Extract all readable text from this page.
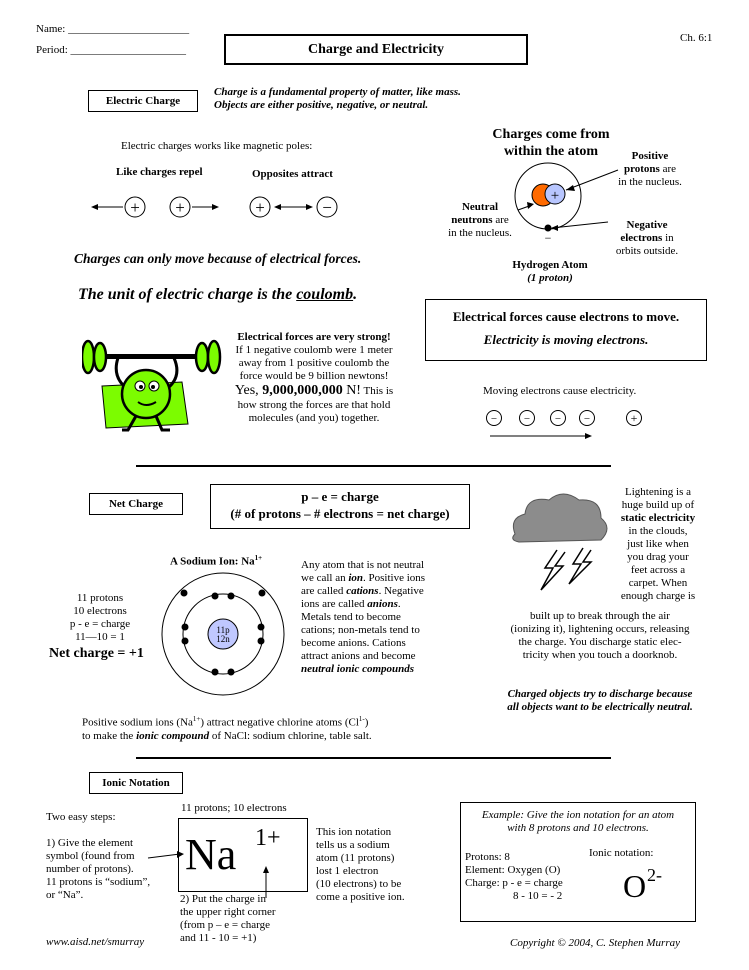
Name: ______________________
Period: _____________________	Charge and Electricity
Ch. 6:1
Electric Charge
Charge is a fundamental property of matter, like mass.
Objects are either positive, negative, or neutral.
Electric charges works like magnetic poles:
Like charges repel	Opposites attract
+ +	+	−
Charges can only move because of electrical forces.
The unit of electric charge is the coulomb.
Charges come from
within the atom	Positive
protons are
in the nucleus.
Neutral
neutrons are
in the nucleus.
Negative
electrons in
orbits outside.
+
−
Hydrogen Atom
(1 proton)
Electrical forces are very strong!
If 1 negative coulomb were 1 meter
away from 1 positive coulomb the
force would be 9 billion newtons!
Yes, 9,000,000,000 N! This is
how strong the forces are that hold
molecules (and you) together.
Electrical forces cause electrons to move.
Electricity is moving electrons.
Moving electrons cause electricity.
− − − −	+
Net Charge	p – e = charge
(# of protons – # electrons = net charge)
A Sodium Ion: $Na^{1+}$
11 protons
10 electrons
p - e = charge
11—10 = 1
Net charge = +1
11p
12n
Any atom that is not neutral
we call an ion. Positive ions
are called cations. Negative
ions are called anions.
Metals tend to become
cations; non-metals tend to
become anions. Cations
attract anions and become
neutral ionic compounds
Positive sodium ions $(Na^{1+})$ attract negative chlorine atoms $(Cl^{1-})$
to make the ionic compound of NaCl: sodium chlorine, table salt.
Lightening is a
huge build up of
static electricity
in the clouds,
just like when
you drag your
feet across a
carpet. When
enough charge is
built up to break through the air
(ionizing it), lightening occurs, releasing
the charge. You discharge static elec-
tricity when you touch a doorknob.
Charged objects try to discharge because
all objects want to be electrically neutral.
Ionic Notation
Two easy steps:
1) Give the element
symbol (found from
number of protons).
11 protons is “sodium”,
or “Na”.
11 protons; 10 electrons
Na 1+
2) Put the charge in
the upper right corner
(from p – e = charge
and 11 - 10 = +1)
This ion notation
tells us a sodium
atom (11 protons)
lost 1 electron
(10 electrons) to be
come a positive ion.
Example: Give the ion notation for an atom
with 8 protons and 10 electrons.
Protons: 8
Element: Oxygen (O)
Charge: p - e = charge
8 - 10 = - 2
Ionic notation:
O 2-
www.aisd.net/smurray	Copyright © 2004, C. Stephen Murray
